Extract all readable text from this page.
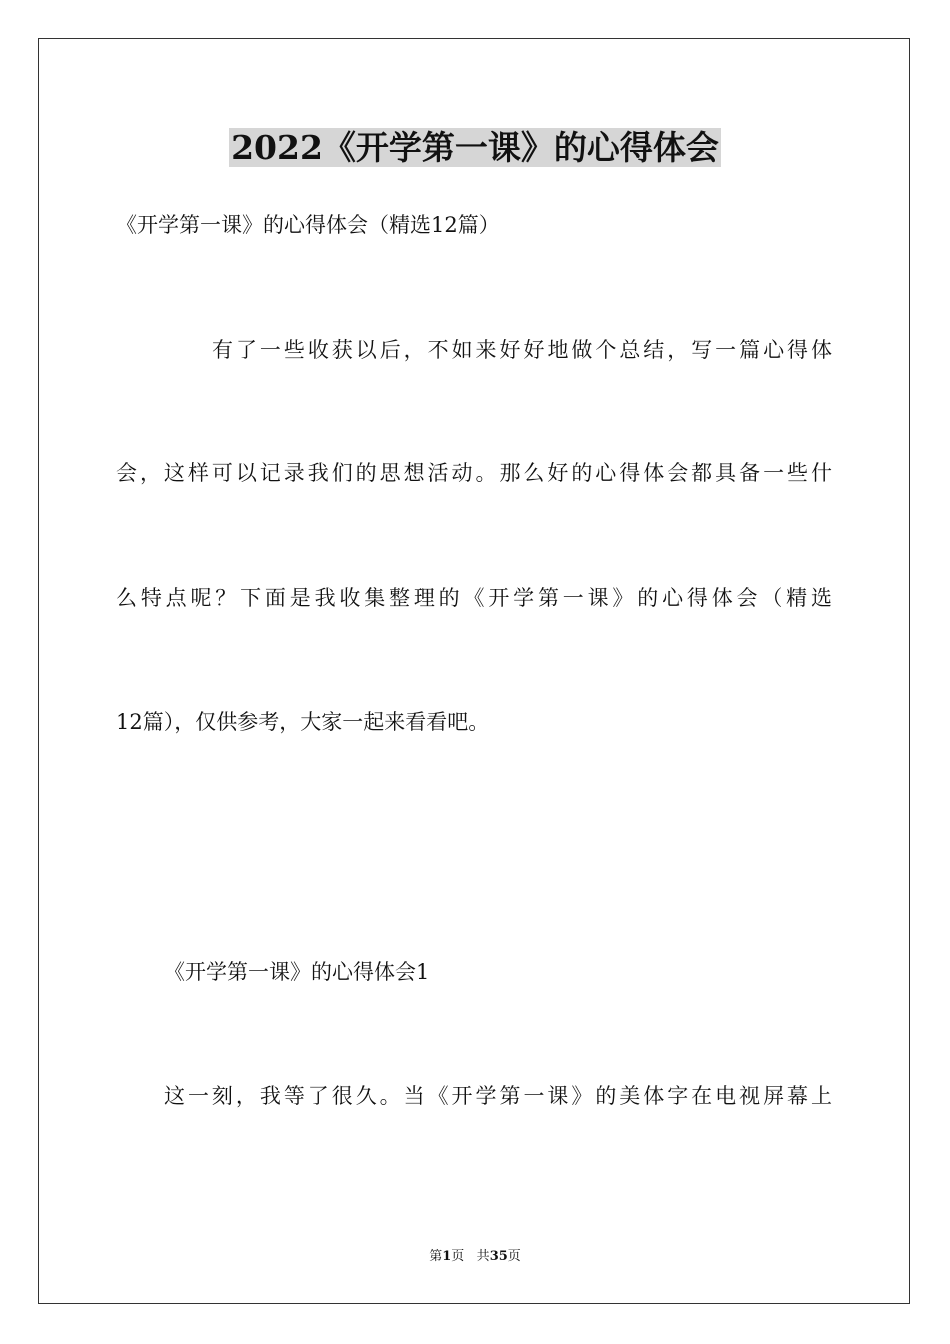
2022《开学第一课》的心得体会

《开学第一课》的心得体会（精选12篇）

有了一些收获以后，不如来好好地做个总结，写一篇心得体

会，这样可以记录我们的思想活动。那么好的心得体会都具备一些什

么特点呢？下面是我收集整理的《开学第一课》的心得体会（精选

12篇），仅供参考，大家一起来看看吧。

《开学第一课》的心得体会1

这一刻，我等了很久。当《开学第一课》的美体字在电视屏幕上

第1页 共35页
